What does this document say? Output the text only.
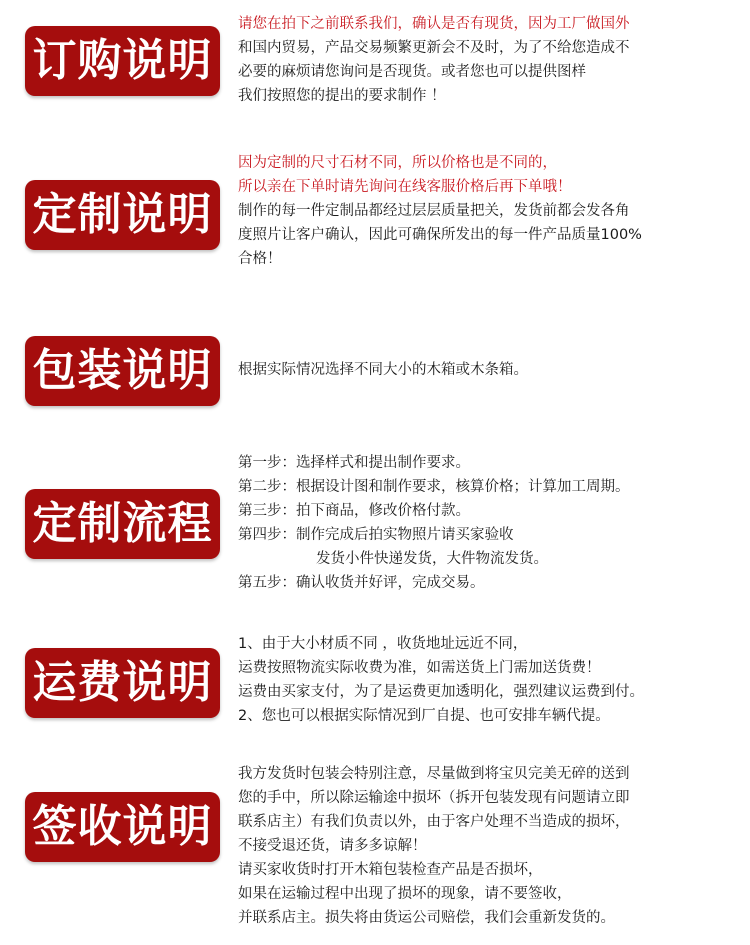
订购说明
请您在拍下之前联系我们，确认是否有现货，因为工厂做国外
和国内贸易，产品交易频繁更新会不及时，为了不给您造成不
必要的麻烦请您询问是否现货。或者您也可以提供图样
我们按照您的提出的要求制作 ！
定制说明
因为定制的尺寸石材不同，所以价格也是不同的，
所以亲在下单时请先询问在线客服价格后再下单哦！
制作的每一件定制品都经过层层质量把关，发货前都会发各角
度照片让客户确认，因此可确保所发出的每一件产品质量100%
合格！
包装说明	根据实际情况选择不同大小的木箱或木条箱。
定制流程
第一步：选择样式和提出制作要求。
第二步：根据设计图和制作要求，核算价格；计算加工周期。
第三步：拍下商品，修改价格付款。
第四步：制作完成后拍实物照片请买家验收
发货小件快递发货，大件物流发货。
第五步：确认收货并好评，完成交易。
运费说明
1、由于大小材质不同 ，收货地址远近不同，
运费按照物流实际收费为准，如需送货上门需加送货费！
运费由买家支付，为了是运费更加透明化，强烈建议运费到付。
2、您也可以根据实际情况到厂自提、也可安排车辆代提。
签收说明
我方发货时包装会特别注意，尽量做到将宝贝完美无碎的送到
您的手中，所以除运输途中损坏（拆开包装发现有问题请立即
联系店主）有我们负责以外，由于客户处理不当造成的损坏，
不接受退还货，请多多谅解！
请买家收货时打开木箱包装检查产品是否损坏，
如果在运输过程中出现了损坏的现象，请不要签收，
并联系店主。损失将由货运公司赔偿，我们会重新发货的。
